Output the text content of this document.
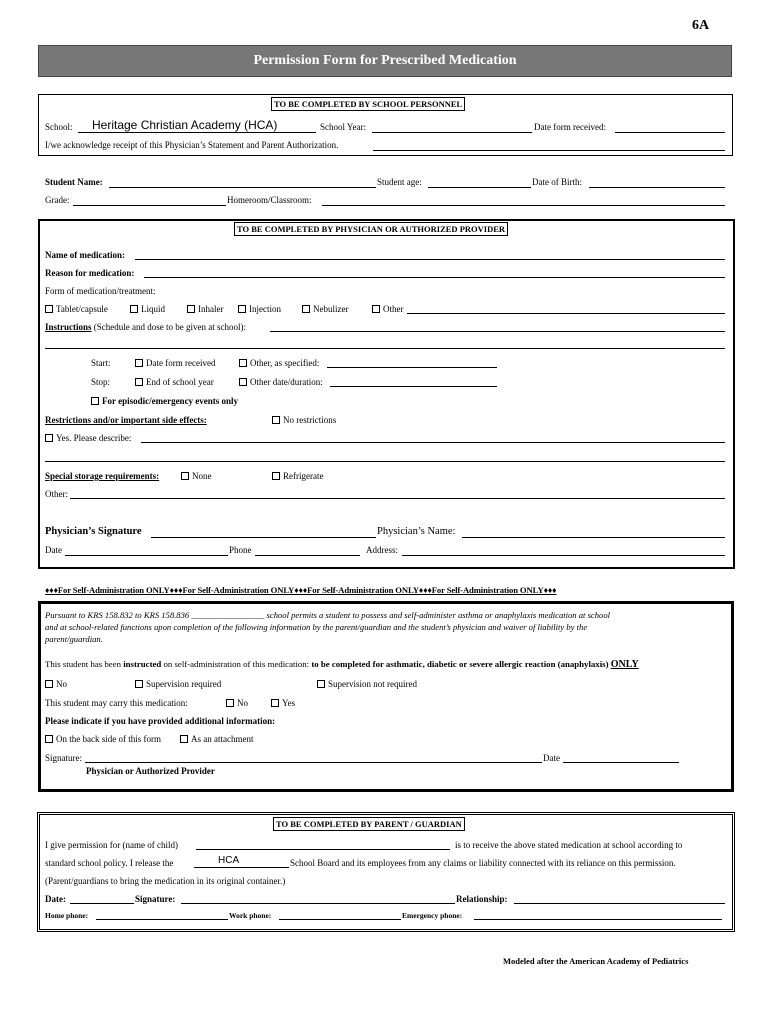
6A
Permission Form for Prescribed Medication
TO BE COMPLETED BY SCHOOL PERSONNEL
School: Heritage Christian Academy (HCA)	School Year:	Date form received:
I/we acknowledge receipt of this Physician’s Statement and Parent Authorization.
Student Name:	Student age:	Date of Birth:
Grade:	Homeroom/Classroom:
TO BE COMPLETED BY PHYSICIAN OR AUTHORIZED PROVIDER
Name of medication:
Reason for medication:
Form of medication/treatment:
Tablet/capsule	Liquid	Inhaler	Injection	Nebulizer	Other
Instructions (Schedule and dose to be given at school):
Start:	Date form received	Other, as specified:
Stop:	End of school year	Other date/duration:
For episodic/emergency events only
Restrictions and/or important side effects:	No restrictions
Yes. Please describe:
Special storage requirements:	None	Refrigerate
Other:
Physician’s Signature	Physician’s Name:
Date	Phone	Address:
♦♦♦For Self-Administration ONLY♦♦♦For Self-Administration ONLY♦♦♦For Self-Administration ONLY♦♦♦For Self-Administration ONLY♦♦♦
Pursuant to KRS 158.832 to KRS 158.836 _________________ school permits a student to possess and self-administer asthma or anaphylaxis medication at school
and at school-related functions upon completion of the following information by the parent/guardian and the student’s physician and waiver of liability by the
parent/guardian.
This student has been instructed on self-administration of this medication: to be completed for asthmatic, diabetic or severe allergic reaction (anaphylaxis) ONLY
No	Supervision required	Supervision not required
This student may carry this medication:	No	Yes
Please indicate if you have provided additional information:
On the back side of this form	As an attachment
Signature:	Date
Physician or Authorized Provider
TO BE COMPLETED BY PARENT / GUARDIAN
I give permission for (name of child)	is to receive the above stated medication at school according to
standard school policy. I release the	HCA	School Board and its employees from any claims or liability connected with its reliance on this permission.
(Parent/guardians to bring the medication in its original container.)
Date:	Signature:	Relationship:
Home phone:	Work phone:	Emergency phone:
Modeled after the American Academy of Pediatrics
